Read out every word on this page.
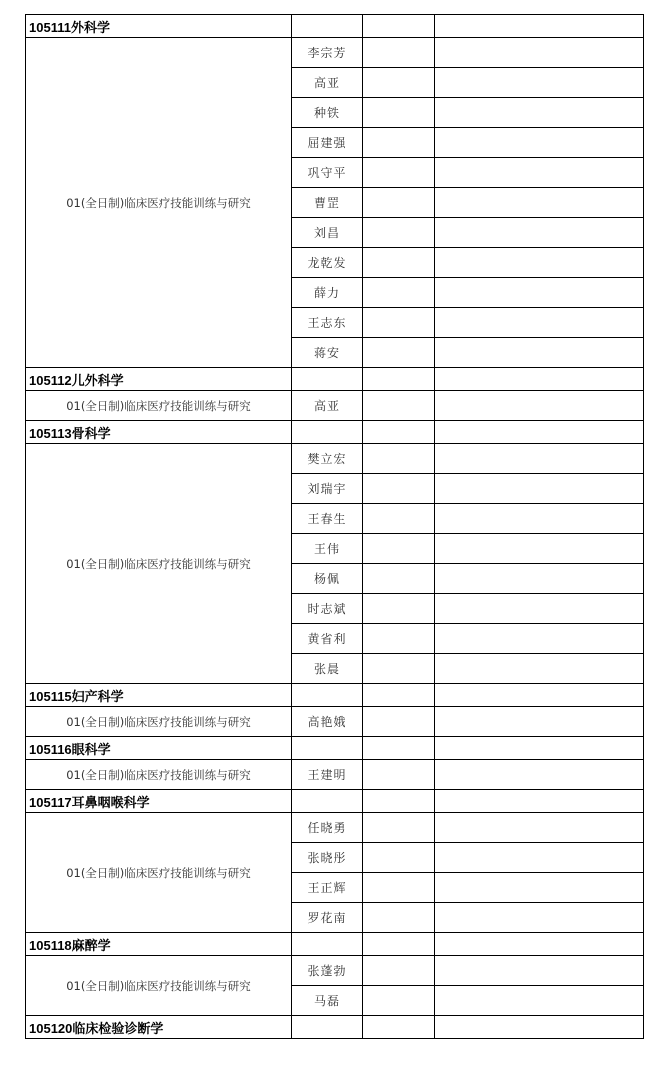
105111外科学			
01(全日制)临床医疗技能训练与研究	李宗芳		
	高亚		
	种铁		
	屈建强		
	巩守平		
	曹罡		
	刘昌		
	龙乾发		
	薛力		
	王志东		
	蒋安		
105112儿外科学			
01(全日制)临床医疗技能训练与研究	高亚		
105113骨科学			
01(全日制)临床医疗技能训练与研究	樊立宏		
	刘瑞宇		
	王春生		
	王伟		
	杨佩		
	时志斌		
	黄省利		
	张晨		
105115妇产科学			
01(全日制)临床医疗技能训练与研究	高艳娥		
105116眼科学			
01(全日制)临床医疗技能训练与研究	王建明		
105117耳鼻咽喉科学			
01(全日制)临床医疗技能训练与研究	任晓勇		
	张晓彤		
	王正辉		
	罗花南		
105118麻醉学			
01(全日制)临床医疗技能训练与研究	张蓬勃		
	马磊		
105120临床检验诊断学			
